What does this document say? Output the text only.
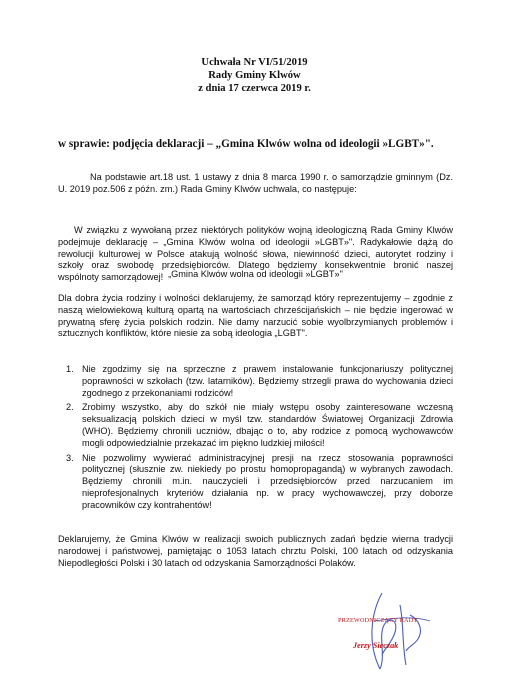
Uchwała Nr VI/51/2019
Rady Gminy Klwów
z dnia 17 czerwca 2019 r.
w sprawie: podjęcia deklaracji – „Gmina Klwów wolna od ideologii »LGBT»".

Na podstawie art.18 ust. 1 ustawy z dnia 8 marca 1990 r. o samorządzie gminnym (Dz. U. 2019 poz.506 z późn. zm.) Rada Gminy Klwów uchwala, co następuje:

W związku z wywołaną przez niektórych polityków wojną ideologiczną Rada Gminy Klwów podejmuje deklarację – „Gmina Klwów wolna od ideologii »LGBT»". Radykałowie dążą do rewolucji kulturowej w Polsce atakują wolność słowa, niewinność dzieci, autorytet rodziny i szkoły oraz swobodę przedsiębiorców. Dlatego będziemy konsekwentnie bronić naszej wspólnoty samorządowej! „Gmina Klwów wolna od ideologii »LGBT»"

Dla dobra życia rodziny i wolności deklarujemy, że samorząd który reprezentujemy – zgodnie z naszą wielowiekową kulturą opartą na wartościach chrześcijańskich – nie będzie ingerować w prywatną sferę życia polskich rodzin. Nie damy narzucić sobie wyolbrzymianych problemów i sztucznych konfliktów, które niesie za sobą ideologia „LGBT".

1. Nie zgodzimy się na sprzeczne z prawem instalowanie funkcjonariuszy politycznej poprawności w szkołach (tzw. latarników). Będziemy strzegli prawa do wychowania dzieci zgodnego z przekonaniami rodziców!
2. Zrobimy wszystko, aby do szkół nie miały wstępu osoby zainteresowane wczesną seksualizacją polskich dzieci w myśl tzw. standardów Światowej Organizacji Zdrowia (WHO). Będziemy chronili uczniów, dbając o to, aby rodzice z pomocą wychowawców mogli odpowiedzialnie przekazać im piękno ludzkiej miłości!
3. Nie pozwolimy wywierać administracyjnej presji na rzecz stosowania poprawności politycznej (słusznie zw. niekiedy po prostu homopropagandą) w wybranych zawodach. Będziemy chronili m.in. nauczycieli i przedsiębiorców przed narzucaniem im nieprofesjonalnych kryteriów działania np. w pracy wychowawczej, przy doborze pracowników czy kontrahentów!

Deklarujemy, że Gmina Klwów w realizacji swoich publicznych zadań będzie wierna tradycji narodowej i państwowej, pamiętając o 1053 latach chrztu Polski, 100 latach od odzyskania Niepodległości Polski i 30 latach od odzyskania Samorządności Polaków.

PRZEWODNICZĄCY RADY
Jerzy Sieczak
